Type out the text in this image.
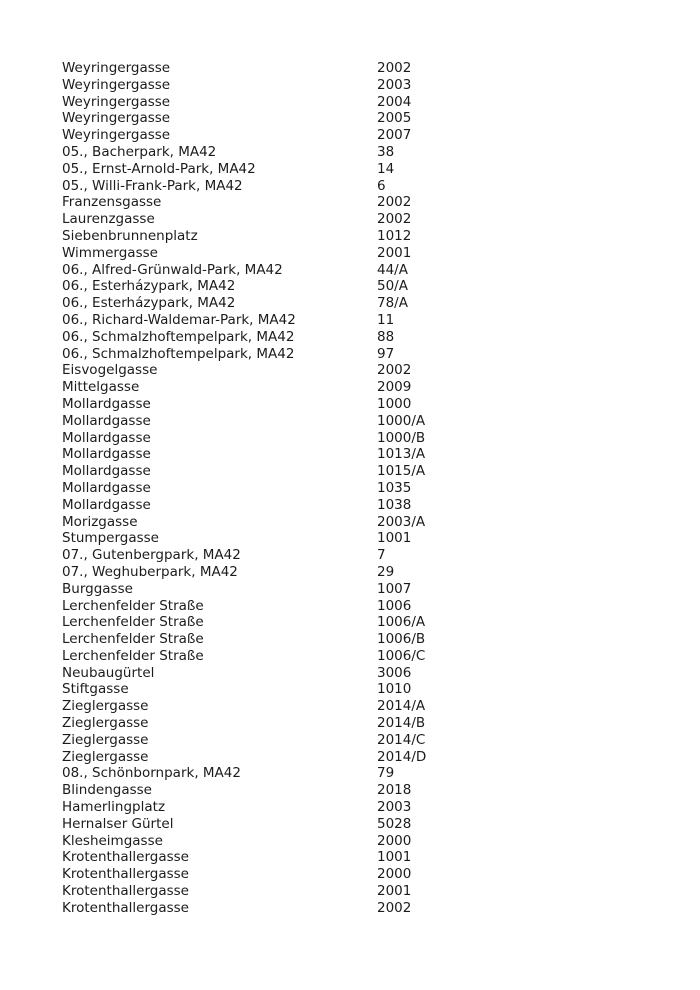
Weyringergasse	2002
Weyringergasse	2003
Weyringergasse	2004
Weyringergasse	2005
Weyringergasse	2007
05., Bacherpark, MA42	38
05., Ernst-Arnold-Park, MA42	14
05., Willi-Frank-Park, MA42	6
Franzensgasse	2002
Laurenzgasse	2002
Siebenbrunnenplatz	1012
Wimmergasse	2001
06., Alfred-Grünwald-Park, MA42	44/A
06., Esterházypark, MA42	50/A
06., Esterházypark, MA42	78/A
06., Richard-Waldemar-Park, MA42	11
06., Schmalzhoftempelpark, MA42	88
06., Schmalzhoftempelpark, MA42	97
Eisvogelgasse	2002
Mittelgasse	2009
Mollardgasse	1000
Mollardgasse	1000/A
Mollardgasse	1000/B
Mollardgasse	1013/A
Mollardgasse	1015/A
Mollardgasse	1035
Mollardgasse	1038
Morizgasse	2003/A
Stumpergasse	1001
07., Gutenbergpark, MA42	7
07., Weghuberpark, MA42	29
Burggasse	1007
Lerchenfelder Straße	1006
Lerchenfelder Straße	1006/A
Lerchenfelder Straße	1006/B
Lerchenfelder Straße	1006/C
Neubaugürtel	3006
Stiftgasse	1010
Zieglergasse	2014/A
Zieglergasse	2014/B
Zieglergasse	2014/C
Zieglergasse	2014/D
08., Schönbornpark, MA42	79
Blindengasse	2018
Hamerlingplatz	2003
Hernalser Gürtel	5028
Klesheimgasse	2000
Krotenthallergasse	1001
Krotenthallergasse	2000
Krotenthallergasse	2001
Krotenthallergasse	2002
